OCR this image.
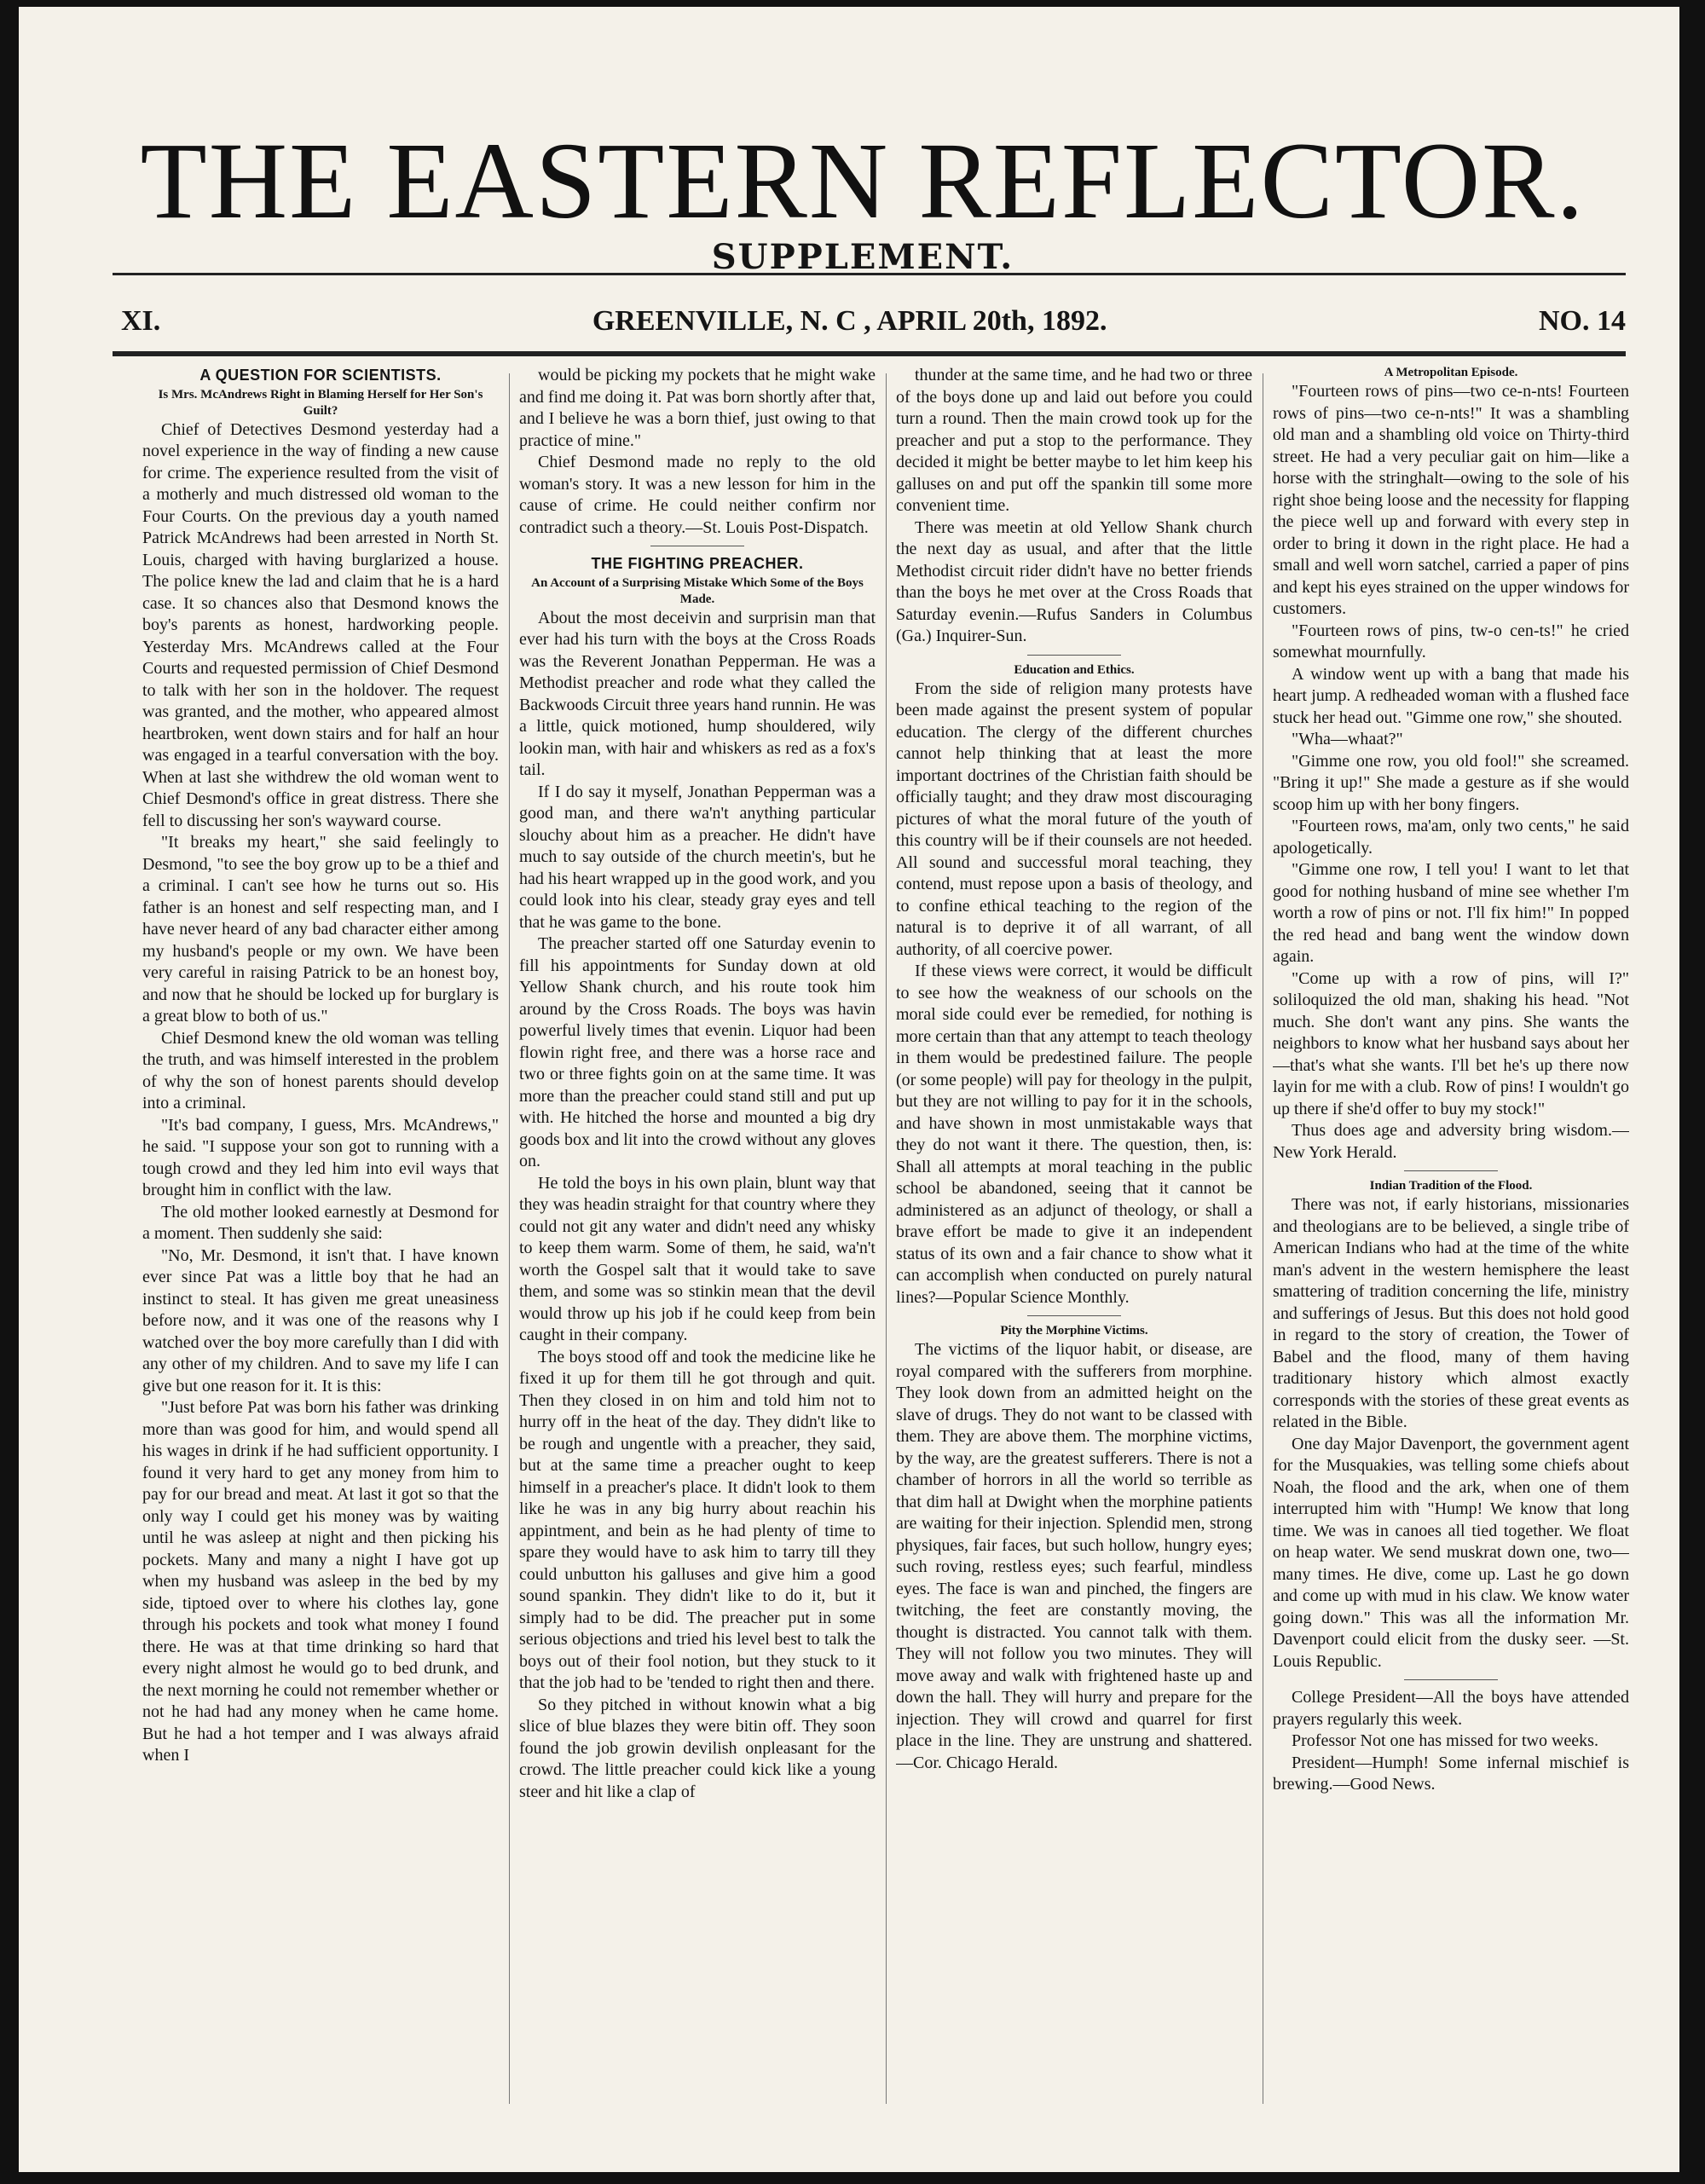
THE EASTERN REFLECTOR.
SUPPLEMENT.
XI.	GREENVILLE, N. C , APRIL 20th, 1892.	NO. 14

A QUESTION FOR SCIENTISTS.

Is Mrs. McAndrews Right in Blaming Herself for Her Son's Guilt?

Chief of Detectives Desmond yesterday had a novel experience in the way of finding a new cause for crime. The experience resulted from the visit of a motherly and much distressed old woman to the Four Courts. On the previous day a youth named Patrick McAndrews had been arrested in North St. Louis, charged with having burglarized a house. The police knew the lad and claim that he is a hard case. It so chances also that Desmond knows the boy's parents as honest, hardworking people. Yesterday Mrs. McAndrews called at the Four Courts and requested permission of Chief Desmond to talk with her son in the holdover. The request was granted, and the mother, who appeared almost heartbroken, went down stairs and for half an hour was engaged in a tearful conversation with the boy. When at last she withdrew the old woman went to Chief Desmond's office in great distress. There she fell to discussing her son's wayward course.

"It breaks my heart," she said feelingly to Desmond, "to see the boy grow up to be a thief and a criminal. I can't see how he turns out so. His father is an honest and self respecting man, and I have never heard of any bad character either among my husband's people or my own. We have been very careful in raising Patrick to be an honest boy, and now that he should be locked up for burglary is a great blow to both of us."

Chief Desmond knew the old woman was telling the truth, and was himself interested in the problem of why the son of honest parents should develop into a criminal.

"It's bad company, I guess, Mrs. McAndrews," he said. "I suppose your son got to running with a tough crowd and they led him into evil ways that brought him in conflict with the law.

The old mother looked earnestly at Desmond for a moment. Then suddenly she said:

"No, Mr. Desmond, it isn't that. I have known ever since Pat was a little boy that he had an instinct to steal. It has given me great uneasiness before now, and it was one of the reasons why I watched over the boy more carefully than I did with any other of my children. And to save my life I can give but one reason for it. It is this:

"Just before Pat was born his father was drinking more than was good for him, and would spend all his wages in drink if he had sufficient opportunity. I found it very hard to get any money from him to pay for our bread and meat. At last it got so that the only way I could get his money was by waiting until he was asleep at night and then picking his pockets. Many and many a night I have got up when my husband was asleep in the bed by my side, tiptoed over to where his clothes lay, gone through his pockets and took what money I found there. He was at that time drinking so hard that every night almost he would go to bed drunk, and the next morning he could not remember whether or not he had had any money when he came home. But he had a hot temper and I was always afraid when I

would be picking my pockets that he might wake and find me doing it. Pat was born shortly after that, and I believe he was a born thief, just owing to that practice of mine."

Chief Desmond made no reply to the old woman's story. It was a new lesson for him in the cause of crime. He could neither confirm nor contradict such a theory.—St. Louis Post-Dispatch.

THE FIGHTING PREACHER.

An Account of a Surprising Mistake Which Some of the Boys Made.

About the most deceivin and surprisin man that ever had his turn with the boys at the Cross Roads was the Reverent Jonathan Pepperman. He was a Methodist preacher and rode what they called the Backwoods Circuit three years hand runnin. He was a little, quick motioned, hump shouldered, wily lookin man, with hair and whiskers as red as a fox's tail.

If I do say it myself, Jonathan Pepperman was a good man, and there wa'n't anything particular slouchy about him as a preacher. He didn't have much to say outside of the church meetin's, but he had his heart wrapped up in the good work, and you could look into his clear, steady gray eyes and tell that he was game to the bone.

The preacher started off one Saturday evenin to fill his appointments for Sunday down at old Yellow Shank church, and his route took him around by the Cross Roads. The boys was havin powerful lively times that evenin. Liquor had been flowin right free, and there was a horse race and two or three fights goin on at the same time. It was more than the preacher could stand still and put up with. He hitched the horse and mounted a big dry goods box and lit into the crowd without any gloves on.

He told the boys in his own plain, blunt way that they was headin straight for that country where they could not git any water and didn't need any whisky to keep them warm. Some of them, he said, wa'n't worth the Gospel salt that it would take to save them, and some was so stinkin mean that the devil would throw up his job if he could keep from bein caught in their company.

The boys stood off and took the medicine like he fixed it up for them till he got through and quit. Then they closed in on him and told him not to hurry off in the heat of the day. They didn't like to be rough and ungentle with a preacher, they said, but at the same time a preacher ought to keep himself in a preacher's place. It didn't look to them like he was in any big hurry about reachin his appintment, and bein as he had plenty of time to spare they would have to ask him to tarry till they could unbutton his galluses and give him a good sound spankin. They didn't like to do it, but it simply had to be did. The preacher put in some serious objections and tried his level best to talk the boys out of their fool notion, but they stuck to it that the job had to be 'tended to right then and there.

So they pitched in without knowin what a big slice of blue blazes they were bitin off. They soon found the job growin devilish onpleasant for the crowd. The little preacher could kick like a young steer and hit like a clap of

thunder at the same time, and he had two or three of the boys done up and laid out before you could turn a round. Then the main crowd took up for the preacher and put a stop to the performance. They decided it might be better maybe to let him keep his galluses on and put off the spankin till some more convenient time.

There was meetin at old Yellow Shank church the next day as usual, and after that the little Methodist circuit rider didn't have no better friends than the boys he met over at the Cross Roads that Saturday evenin.—Rufus Sanders in Columbus (Ga.) Inquirer-Sun.

Education and Ethics.

From the side of religion many protests have been made against the present system of popular education. The clergy of the different churches cannot help thinking that at least the more important doctrines of the Christian faith should be officially taught; and they draw most discouraging pictures of what the moral future of the youth of this country will be if their counsels are not heeded. All sound and successful moral teaching, they contend, must repose upon a basis of theology, and to confine ethical teaching to the region of the natural is to deprive it of all warrant, of all authority, of all coercive power.

If these views were correct, it would be difficult to see how the weakness of our schools on the moral side could ever be remedied, for nothing is more certain than that any attempt to teach theology in them would be predestined failure. The people (or some people) will pay for theology in the pulpit, but they are not willing to pay for it in the schools, and have shown in most unmistakable ways that they do not want it there. The question, then, is: Shall all attempts at moral teaching in the public school be abandoned, seeing that it cannot be administered as an adjunct of theology, or shall a brave effort be made to give it an independent status of its own and a fair chance to show what it can accomplish when conducted on purely natural lines?—Popular Science Monthly.

Pity the Morphine Victims.

The victims of the liquor habit, or disease, are royal compared with the sufferers from morphine. They look down from an admitted height on the slave of drugs. They do not want to be classed with them. They are above them. The morphine victims, by the way, are the greatest sufferers. There is not a chamber of horrors in all the world so terrible as that dim hall at Dwight when the morphine patients are waiting for their injection. Splendid men, strong physiques, fair faces, but such hollow, hungry eyes; such roving, restless eyes; such fearful, mindless eyes. The face is wan and pinched, the fingers are twitching, the feet are constantly moving, the thought is distracted. You cannot talk with them. They will not follow you two minutes. They will move away and walk with frightened haste up and down the hall. They will hurry and prepare for the injection. They will crowd and quarrel for first place in the line. They are unstrung and shattered.—Cor. Chicago Herald.

A Metropolitan Episode.

"Fourteen rows of pins—two ce-n-nts! Fourteen rows of pins—two ce-n-nts!" It was a shambling old man and a shambling old voice on Thirty-third street. He had a very peculiar gait on him—like a horse with the stringhalt—owing to the sole of his right shoe being loose and the necessity for flapping the piece well up and forward with every step in order to bring it down in the right place. He had a small and well worn satchel, carried a paper of pins and kept his eyes strained on the upper windows for customers.

"Fourteen rows of pins, tw-o cen-ts!" he cried somewhat mournfully.

A window went up with a bang that made his heart jump. A redheaded woman with a flushed face stuck her head out. "Gimme one row," she shouted.

"Wha—whaat?"

"Gimme one row, you old fool!" she screamed. "Bring it up!" She made a gesture as if she would scoop him up with her bony fingers.

"Fourteen rows, ma'am, only two cents," he said apologetically.

"Gimme one row, I tell you! I want to let that good for nothing husband of mine see whether I'm worth a row of pins or not. I'll fix him!" In popped the red head and bang went the window down again.

"Come up with a row of pins, will I?" soliloquized the old man, shaking his head. "Not much. She don't want any pins. She wants the neighbors to know what her husband says about her—that's what she wants. I'll bet he's up there now layin for me with a club. Row of pins! I wouldn't go up there if she'd offer to buy my stock!"

Thus does age and adversity bring wisdom.—New York Herald.

Indian Tradition of the Flood.

There was not, if early historians, missionaries and theologians are to be believed, a single tribe of American Indians who had at the time of the white man's advent in the western hemisphere the least smattering of tradition concerning the life, ministry and sufferings of Jesus. But this does not hold good in regard to the story of creation, the Tower of Babel and the flood, many of them having traditionary history which almost exactly corresponds with the stories of these great events as related in the Bible.

One day Major Davenport, the government agent for the Musquakies, was telling some chiefs about Noah, the flood and the ark, when one of them interrupted him with "Hump! We know that long time. We was in canoes all tied together. We float on heap water. We send muskrat down one, two—many times. He dive, come up. Last he go down and come up with mud in his claw. We know water going down." This was all the information Mr. Davenport could elicit from the dusky seer. —St. Louis Republic.

College President—All the boys have attended prayers regularly this week.

Professor Not one has missed for two weeks.

President—Humph! Some infernal mischief is brewing.—Good News.
